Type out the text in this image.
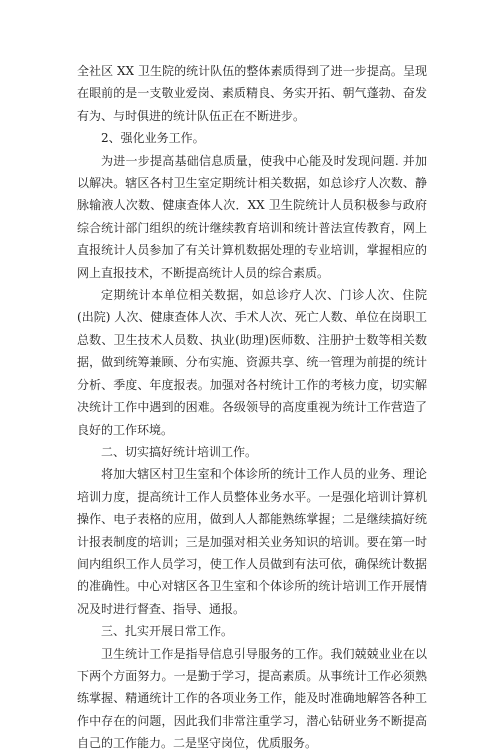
全社区 XX 卫生院的统计队伍的整体素质得到了进一步提高。呈现在眼前的是一支敬业爱岗、素质精良、务实开拓、朝气蓬勃、奋发有为、与时俱进的统计队伍正在不断进步。

2、强化业务工作。

为进一步提高基础信息质量，使我中心能及时发现问题. 并加以解决。辖区各村卫生室定期统计相关数据，如总诊疗人次数、静脉输液人次数、健康查体人次．XX 卫生院统计人员积极参与政府综合统计部门组织的统计继续教育培训和统计普法宣传教育，网上直报统计人员参加了有关计算机数据处理的专业培训，掌握相应的网上直报技术，不断提高统计人员的综合素质。

定期统计本单位相关数据，如总诊疗人次、门诊人次、住院(出院) 人次、健康查体人次、手术人次、死亡人数、单位在岗职工总数、卫生技术人员数、执业(助理)医师数、注册护士数等相关数据，做到统筹兼顾、分布实施、资源共享、统一管理为前提的统计分析、季度、年度报表。加强对各村统计工作的考核力度，切实解决统计工作中遇到的困难。各级领导的高度重视为统计工作营造了良好的工作环境。

二、切实搞好统计培训工作。

将加大辖区村卫生室和个体诊所的统计工作人员的业务、理论培训力度，提高统计工作人员整体业务水平。一是强化培训计算机操作、电子表格的应用，做到人人都能熟练掌握；二是继续搞好统计报表制度的培训；三是加强对相关业务知识的培训。要在第一时间内组织工作人员学习，使工作人员做到有法可依，确保统计数据的准确性。中心对辖区各卫生室和个体诊所的统计培训工作开展情况及时进行督查、指导、通报。

三、扎实开展日常工作。

卫生统计工作是指导信息引导服务的工作。我们兢兢业业在以下两个方面努力。一是勤于学习，提高素质。从事统计工作必须熟练掌握、精通统计工作的各项业务工作，能及时准确地解答各种工作中存在的问题，因此我们非常注重学习，潜心钻研业务不断提高自己的工作能力。二是坚守岗位，优质服务。
